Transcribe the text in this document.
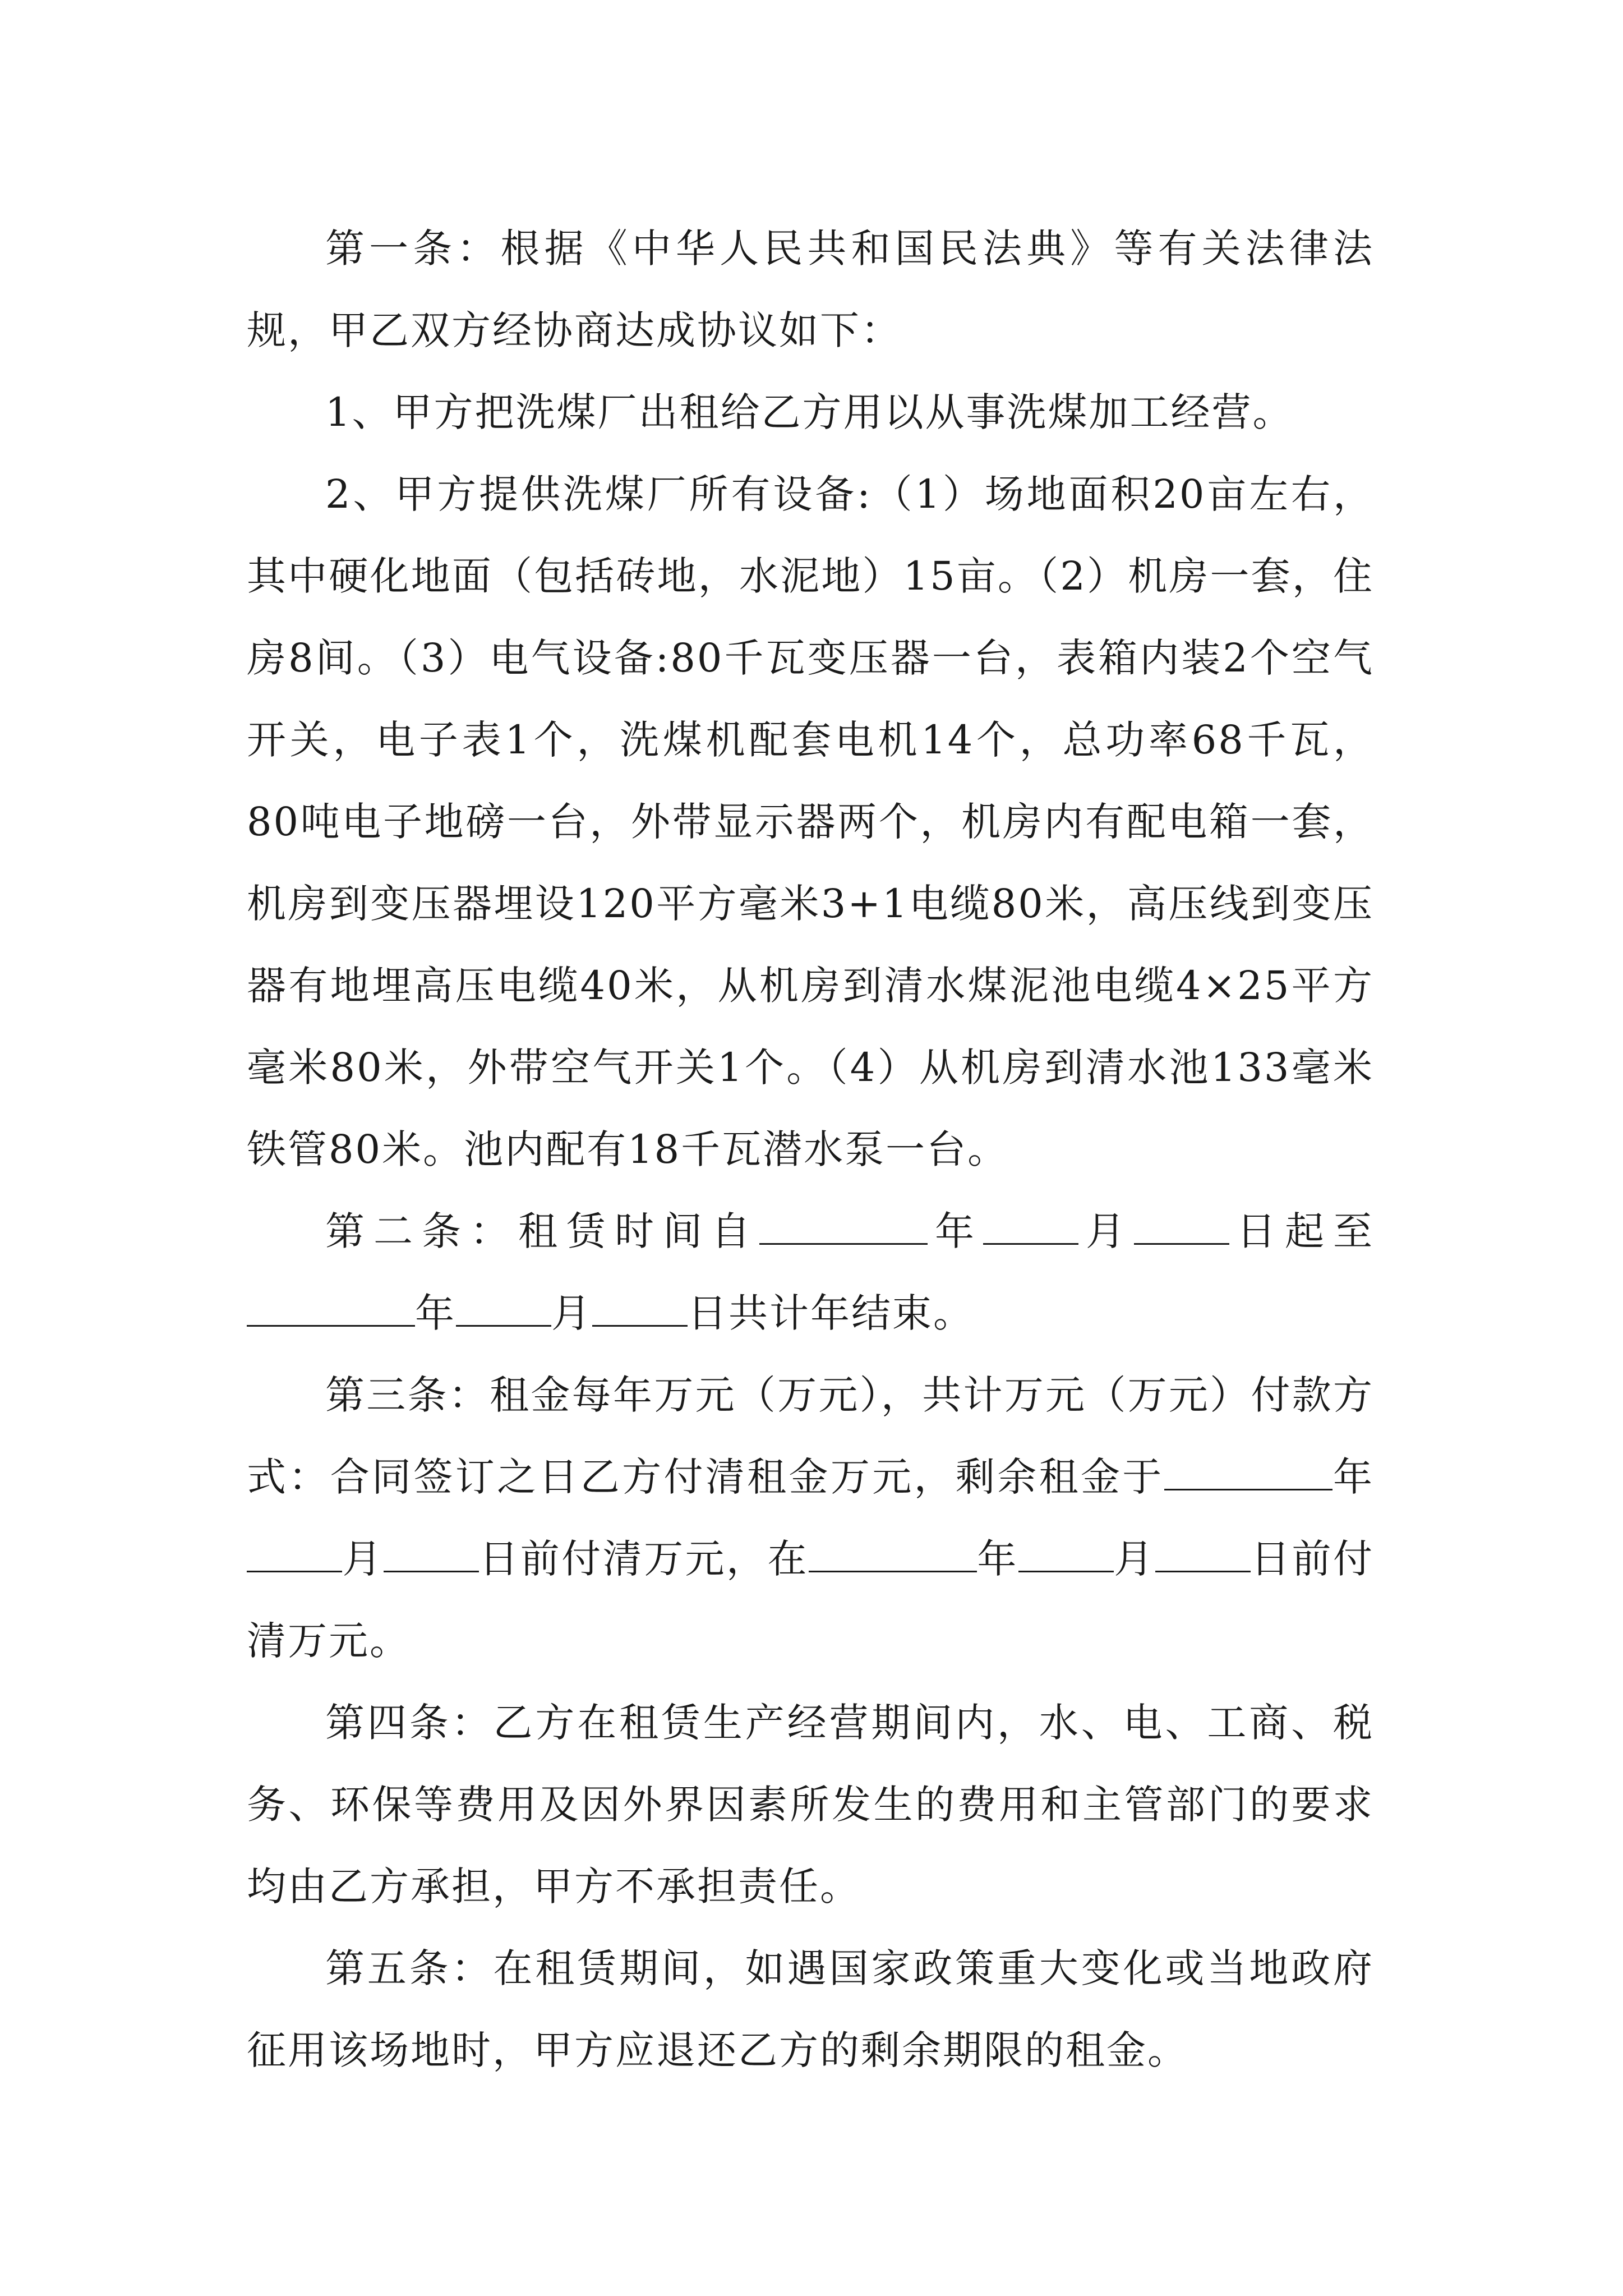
第一条：根据《中华人民共和国民法典》等有关法律法规，甲乙双方经协商达成协议如下：

1、甲方把洗煤厂出租给乙方用以从事洗煤加工经营。

2、甲方提供洗煤厂所有设备:（1）场地面积20亩左右，其中硬化地面（包括砖地，水泥地）15亩。（2）机房一套，住房8间。（3）电气设备:80千瓦变压器一台，表箱内装2个空气开关，电子表1个，洗煤机配套电机14个，总功率68千瓦，80吨电子地磅一台，外带显示器两个，机房内有配电箱一套，机房到变压器埋设120平方毫米3+1电缆80米，高压线到变压器有地埋高压电缆40米，从机房到清水煤泥池电缆4×25平方毫米80米，外带空气开关1个。（4）从机房到清水池133毫米铁管80米。池内配有18千瓦潜水泵一台。

第二条：租赁时间自	年 月 日起至年 月 日共计年结束。

第三条：租金每年万元（万元），共计万元（万元）付款方式：合同签订之日乙方付清租金万元，剩余租金于	年月 日前付清万元，在	年 月 日前付清万元。

第四条：乙方在租赁生产经营期间内，水、电、工商、税务、环保等费用及因外界因素所发生的费用和主管部门的要求均由乙方承担，甲方不承担责任。

第五条：在租赁期间，如遇国家政策重大变化或当地政府征用该场地时，甲方应退还乙方的剩余期限的租金。
